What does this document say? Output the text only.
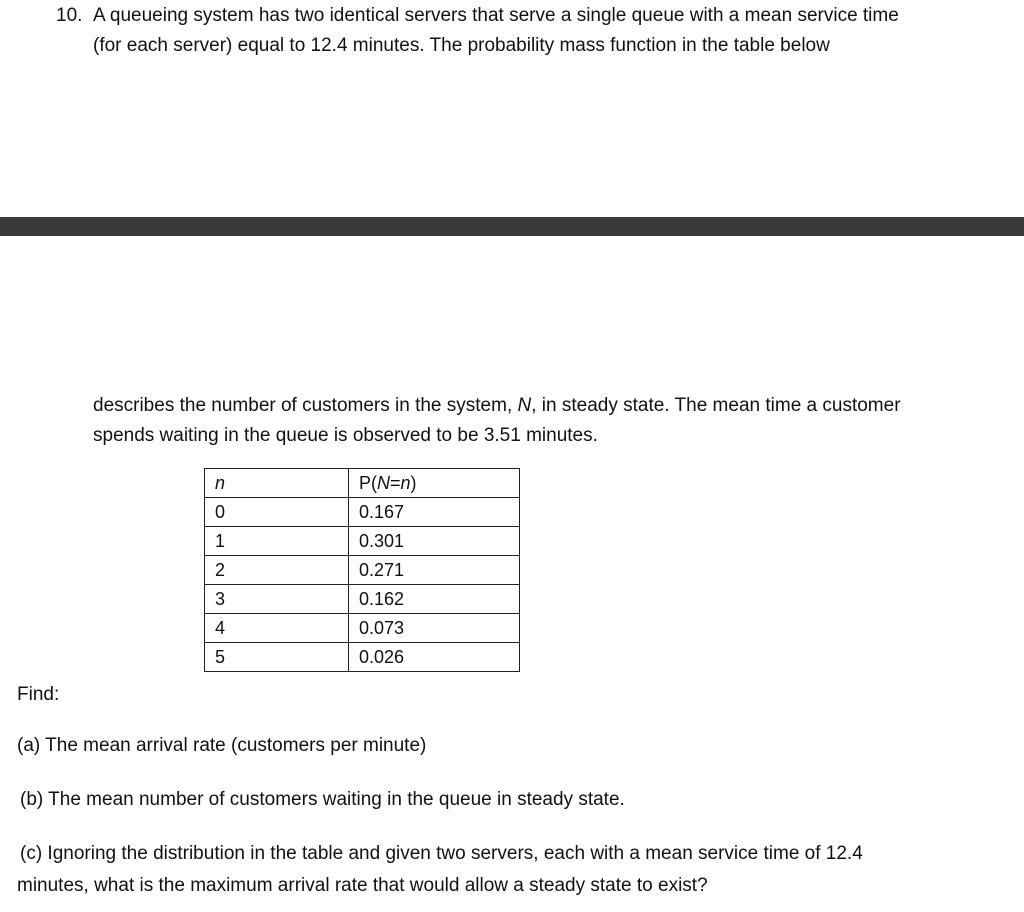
10. A queueing system has two identical servers that serve a single queue with a mean service time
(for each server) equal to 12.4 minutes. The probability mass function in the table below
describes the number of customers in the system, N, in steady state. The mean time a customer
spends waiting in the queue is observed to be 3.51 minutes.
n	P(N=n)
0	0.167
1	0.301
2	0.271
3	0.162
4	0.073
5	0.026
Find:
(a) The mean arrival rate (customers per minute)
(b) The mean number of customers waiting in the queue in steady state.
(c) Ignoring the distribution in the table and given two servers, each with a mean service time of 12.4
minutes, what is the maximum arrival rate that would allow a steady state to exist?
